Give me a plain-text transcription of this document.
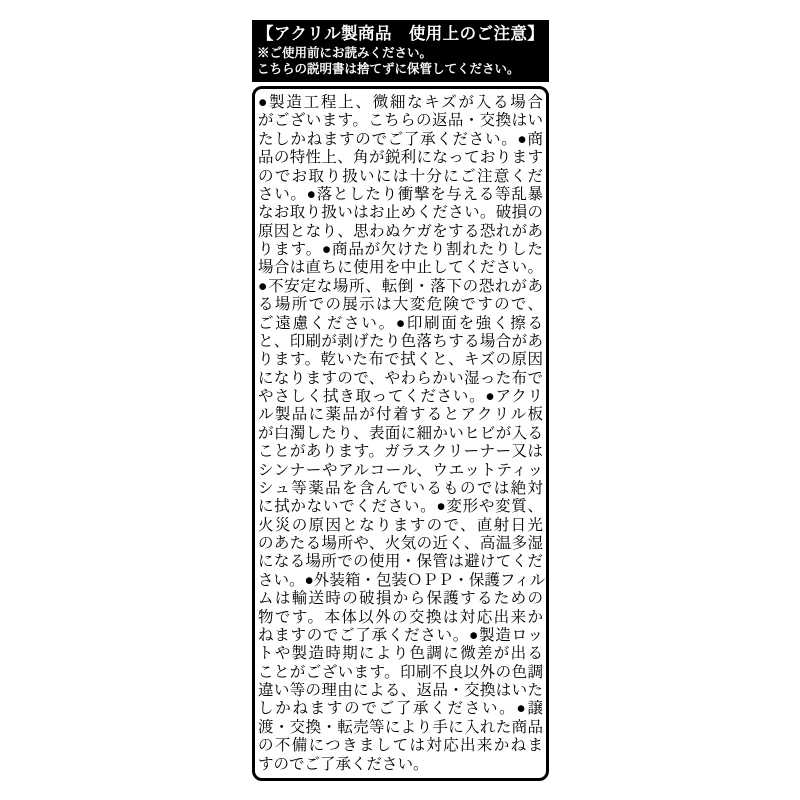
【アクリル製商品　使用上のご注意】
※ご使用前にお読みください。
こちらの説明書は捨てずに保管してください。
●製造工程上、微細なキズが入る場合
がございます。こちらの返品・交換はい
たしかねますのでご了承ください。●商
品の特性上、角が鋭利になっております
のでお取り扱いには十分にご注意くだ
さい。●落としたり衝撃を与える等乱暴
なお取り扱いはお止めください。破損の
原因となり、思わぬケガをする恐れがあ
ります。●商品が欠けたり割れたりした
場合は直ちに使用を中止してください。
●不安定な場所、転倒・落下の恐れがあ
る場所での展示は大変危険ですので、
ご遠慮ください。●印刷面を強く擦る
と、印刷が剥げたり色落ちする場合があ
ります。乾いた布で拭くと、キズの原因
になりますので、やわらかい湿った布で
やさしく拭き取ってください。●アクリ
ル製品に薬品が付着するとアクリル板
が白濁したり、表面に細かいヒビが入る
ことがあります。ガラスクリーナー又は
シンナーやアルコール、ウエットティッ
シュ等薬品を含んでいるものでは絶対
に拭かないでください。●変形や変質、
火災の原因となりますので、直射日光
のあたる場所や、火気の近く、高温多湿
になる場所での使用・保管は避けてくだ
さい。●外装箱・包装ＯＰＰ・保護フィル
ムは輸送時の破損から保護するための
物です。本体以外の交換は対応出来か
ねますのでご了承ください。●製造ロッ
トや製造時期により色調に微差が出る
ことがございます。印刷不良以外の色調
違い等の理由による、返品・交換はいた
しかねますのでご了承ください。●譲
渡・交換・転売等により手に入れた商品
の不備につきましては対応出来かねま
すのでご了承ください。
